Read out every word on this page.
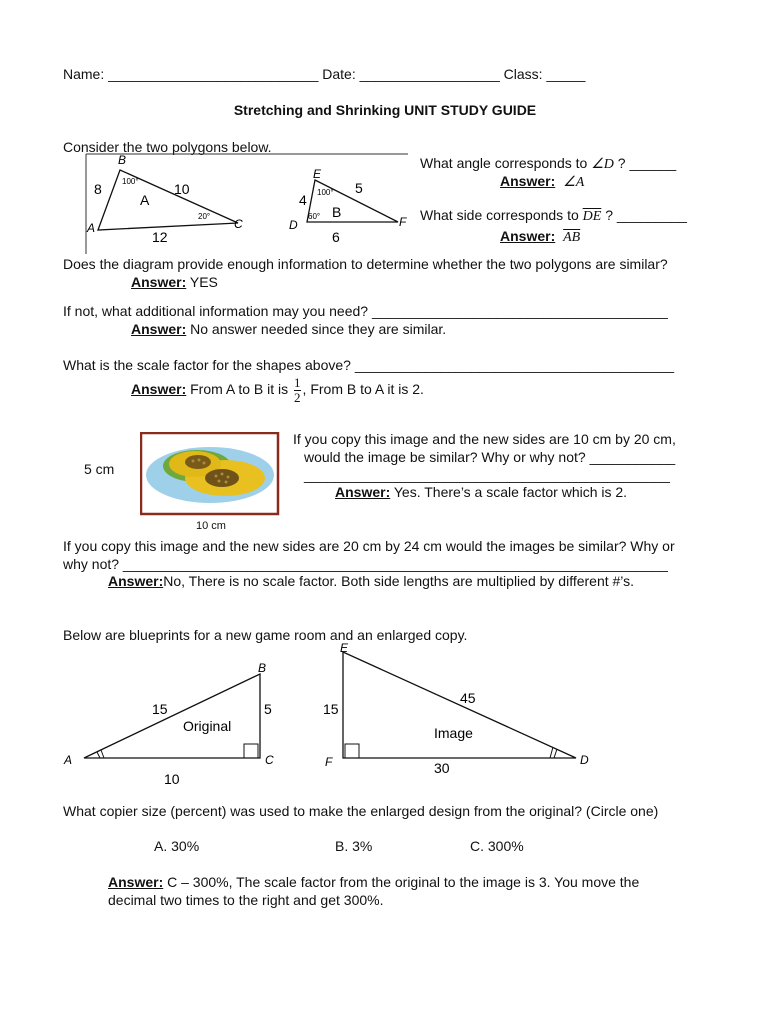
Name: ___________________________ Date: __________________ Class: _____
Stretching and Shrinking UNIT STUDY GUIDE
Consider the two polygons below.
B
A	C
100°
20°
8	10
A
12
E
D	F
100°
60°
4
5
B
6
What angle corresponds to ∠D ? ______
Answer: ∠A
What side corresponds to $\overline{DE}$ ? _________
Answer: $\overline{AB}$
Does the diagram provide enough information to determine whether the two polygons are similar?
Answer: YES
If not, what additional information may you need? ______________________________________
Answer: No answer needed since they are similar.
What is the scale factor for the shapes above? _________________________________________
Answer: From A to B it is $\frac{1}{2}$ , From B to A it is 2.
5 cm
10 cm
If you copy this image and the new sides are 10 cm by 20 cm,
would the image be similar? Why or why not? ___________
_______________________________________________
Answer: Yes. There’s a scale factor which is 2.
If you copy this image and the new sides are 20 cm by 24 cm would the images be similar? Why or
why not? ______________________________________________________________________
Answer:No, There is no scale factor. Both side lengths are multiplied by different #’s.
Below are blueprints for a new game room and an enlarged copy.
A
B
C
15	5
Original
10
E
F	D
15
45
Image
30
What copier size (percent) was used to make the enlarged design from the original? (Circle one)
A. 30%	B. 3%	C. 300%
Answer: C – 300%, The scale factor from the original to the image is 3. You move the
decimal two times to the right and get 300%.
